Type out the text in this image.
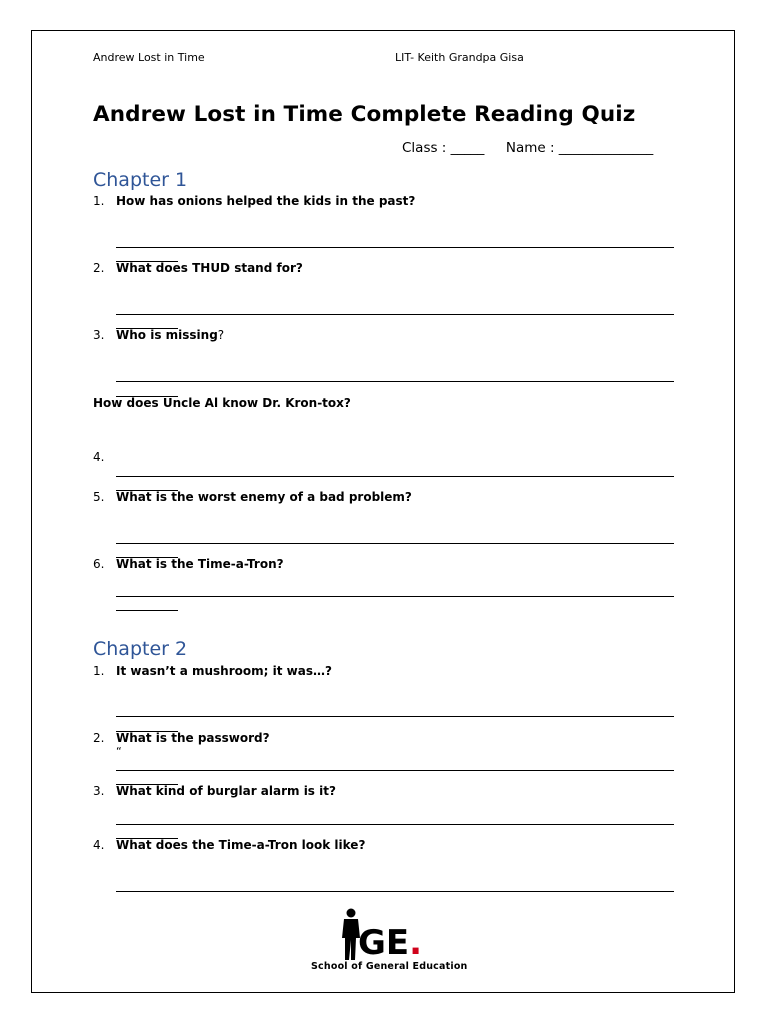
Andrew Lost in Time	LIT- Keith Grandpa Gisa
Andrew Lost in Time Complete Reading Quiz
Class : _____     Name : ______________
Chapter 1
1. How has onions helped the kids in the past?
2. What does THUD stand for?
3. Who is missing?
How does Uncle Al know Dr. Kron-tox?
4.
5. What is the worst enemy of a bad problem?
6. What is the Time-a-Tron?
Chapter 2
1. It wasn’t a mushroom; it was…?
2. What is the password?
“
3. What kind of burglar alarm is it?
4. What does the Time-a-Tron look like?
GE.
School of General Education
